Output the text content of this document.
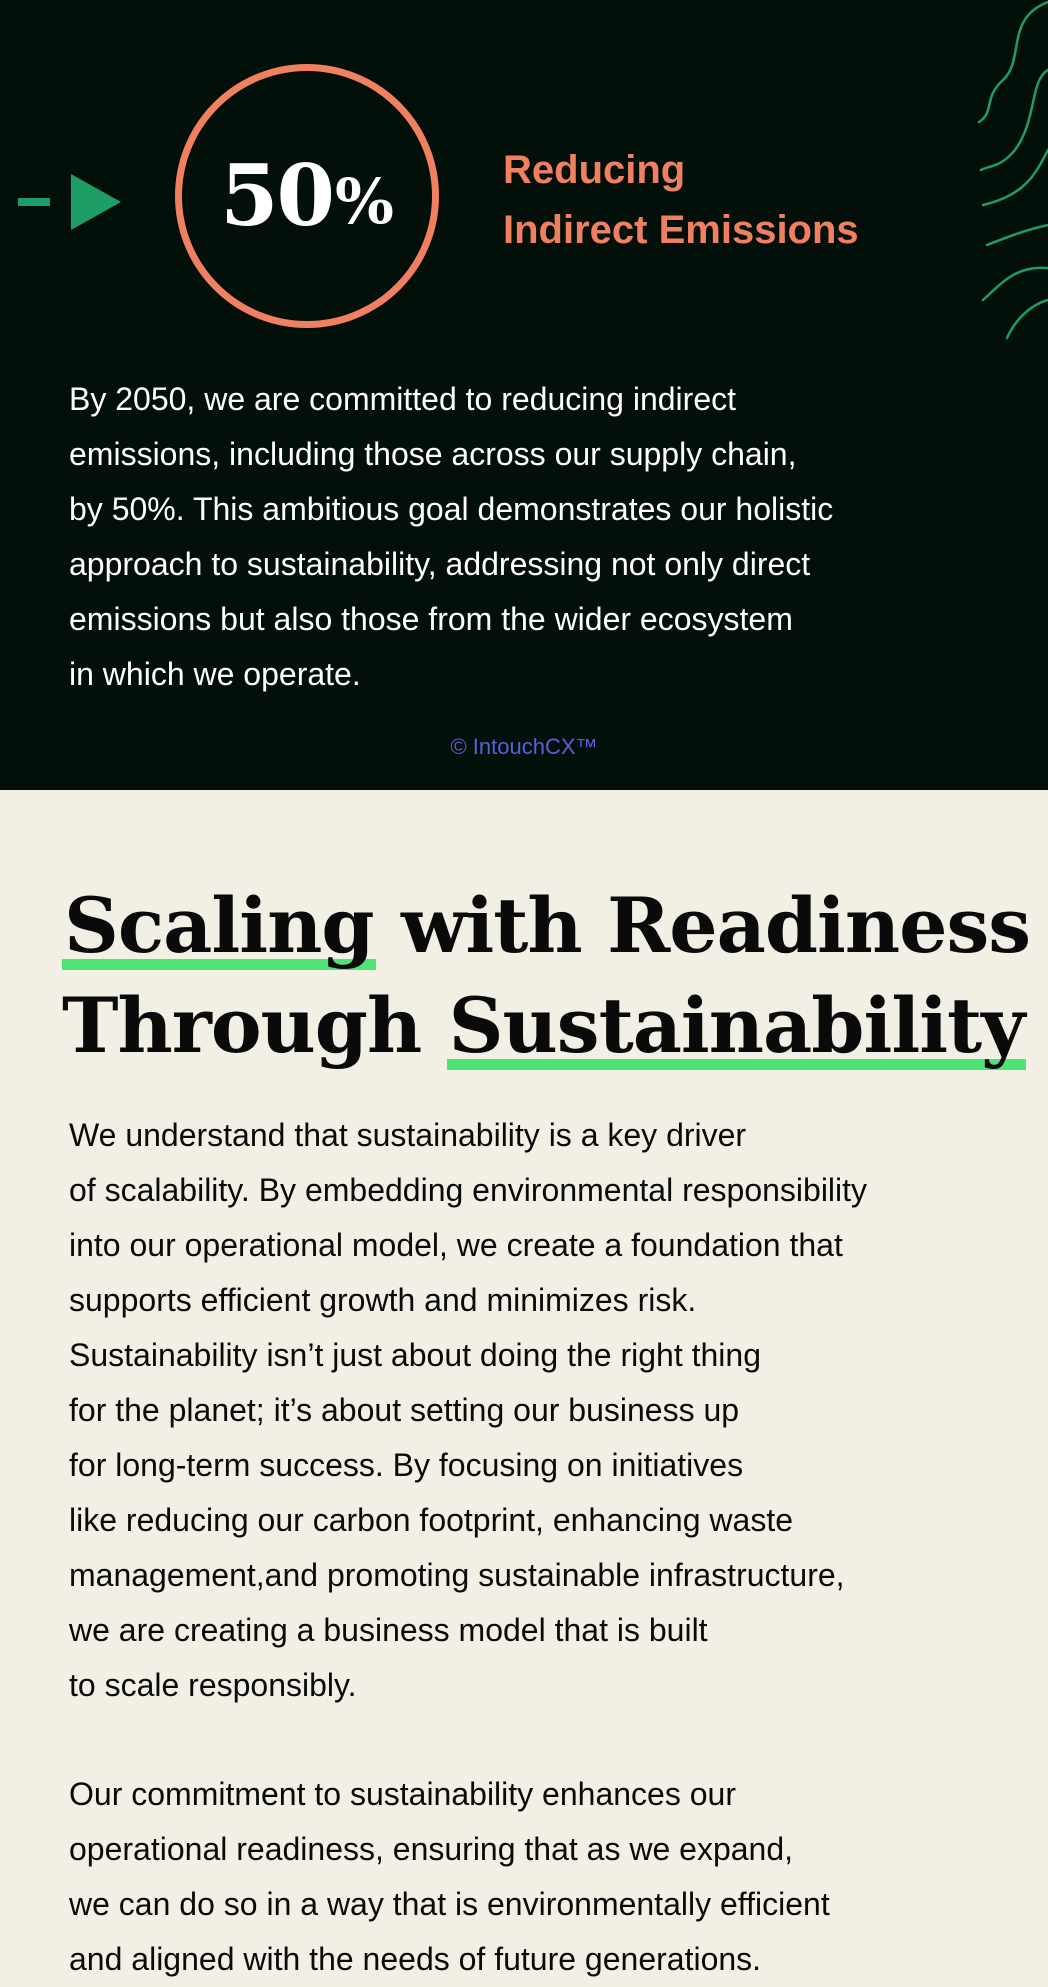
50 %	Reducing
Indirect Emissions

By 2050, we are committed to reducing indirect
emissions, including those across our supply chain,
by 50%. This ambitious goal demonstrates our holistic
approach to sustainability, addressing not only direct
emissions but also those from the wider ecosystem
in which we operate.

© IntouchCX™
Scaling with Readiness
Through Sustainability

We understand that sustainability is a key driver
of scalability. By embedding environmental responsibility
into our operational model, we create a foundation that
supports efficient growth and minimizes risk.
Sustainability isn’t just about doing the right thing
for the planet; it’s about setting our business up
for long-term success. By focusing on initiatives
like reducing our carbon footprint, enhancing waste
management,and promoting sustainable infrastructure,
we are creating a business model that is built
to scale responsibly.

Our commitment to sustainability enhances our
operational readiness, ensuring that as we expand,
we can do so in a way that is environmentally efficient
and aligned with the needs of future generations.
